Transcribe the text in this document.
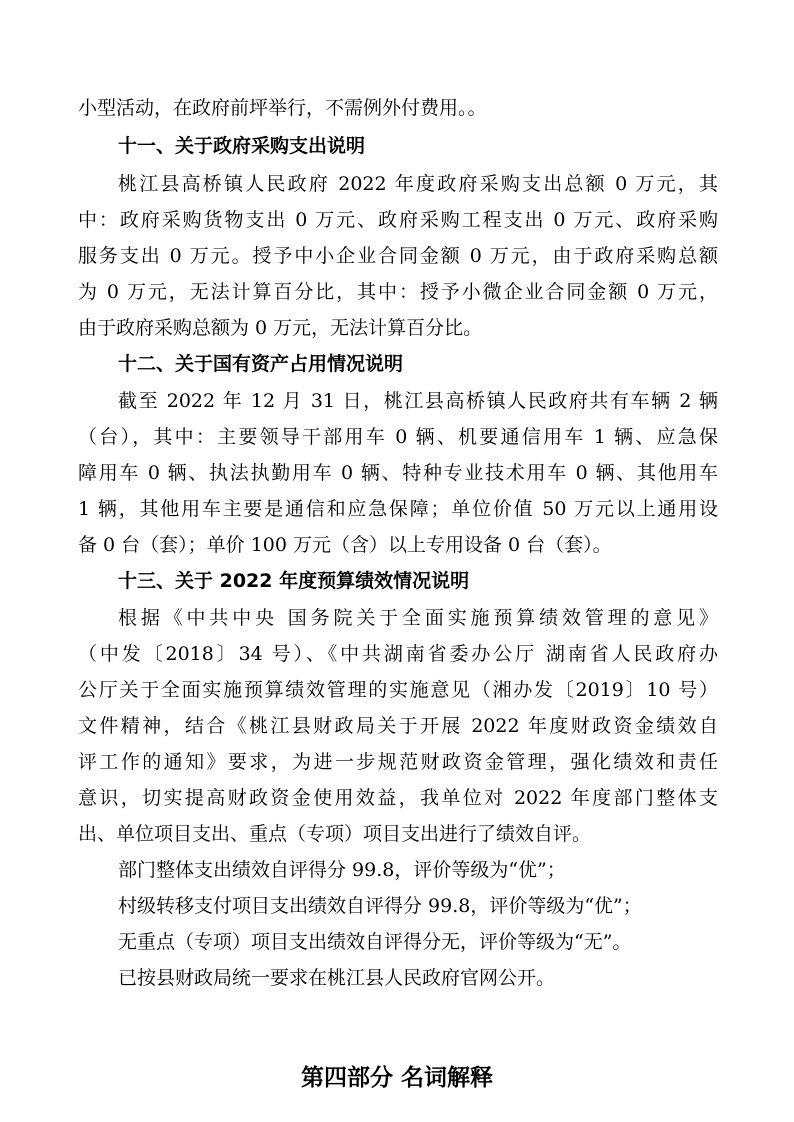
小型活动，在政府前坪举行，不需例外付费用。。
十一、关于政府采购支出说明
桃江县高桥镇人民政府 2022 年度政府采购支出总额 0 万元，其
中：政府采购货物支出 0 万元、政府采购工程支出 0 万元、政府采购
服务支出 0 万元。授予中小企业合同金额 0 万元，由于政府采购总额
为 0 万元，无法计算百分比，其中：授予小微企业合同金额 0 万元，
由于政府采购总额为 0 万元，无法计算百分比。
十二、关于国有资产占用情况说明
截至 2022 年 12 月 31 日，桃江县高桥镇人民政府共有车辆 2 辆
（台），其中：主要领导干部用车 0 辆、机要通信用车 1 辆、应急保
障用车 0 辆、执法执勤用车 0 辆、特种专业技术用车 0 辆、其他用车
1 辆，其他用车主要是通信和应急保障；单位价值 50 万元以上通用设
备 0 台（套）；单价 100 万元（含）以上专用设备 0 台（套）。
十三、关于 2022 年度预算绩效情况说明
根据《中共中央 国务院关于全面实施预算绩效管理的意见》
（中发〔2018〕34 号）、《中共湖南省委办公厅 湖南省人民政府办
公厅关于全面实施预算绩效管理的实施意见（湘办发〔2019〕10 号）
文件精神，结合《桃江县财政局关于开展 2022 年度财政资金绩效自
评工作的通知》要求，为进一步规范财政资金管理，强化绩效和责任
意识，切实提高财政资金使用效益，我单位对 2022 年度部门整体支
出、单位项目支出、重点（专项）项目支出进行了绩效自评。
部门整体支出绩效自评得分 99.8，评价等级为“优”；
村级转移支付项目支出绩效自评得分 99.8，评价等级为“优”；
无重点（专项）项目支出绩效自评得分无，评价等级为“无”。
已按县财政局统一要求在桃江县人民政府官网公开。
第四部分 名词解释
